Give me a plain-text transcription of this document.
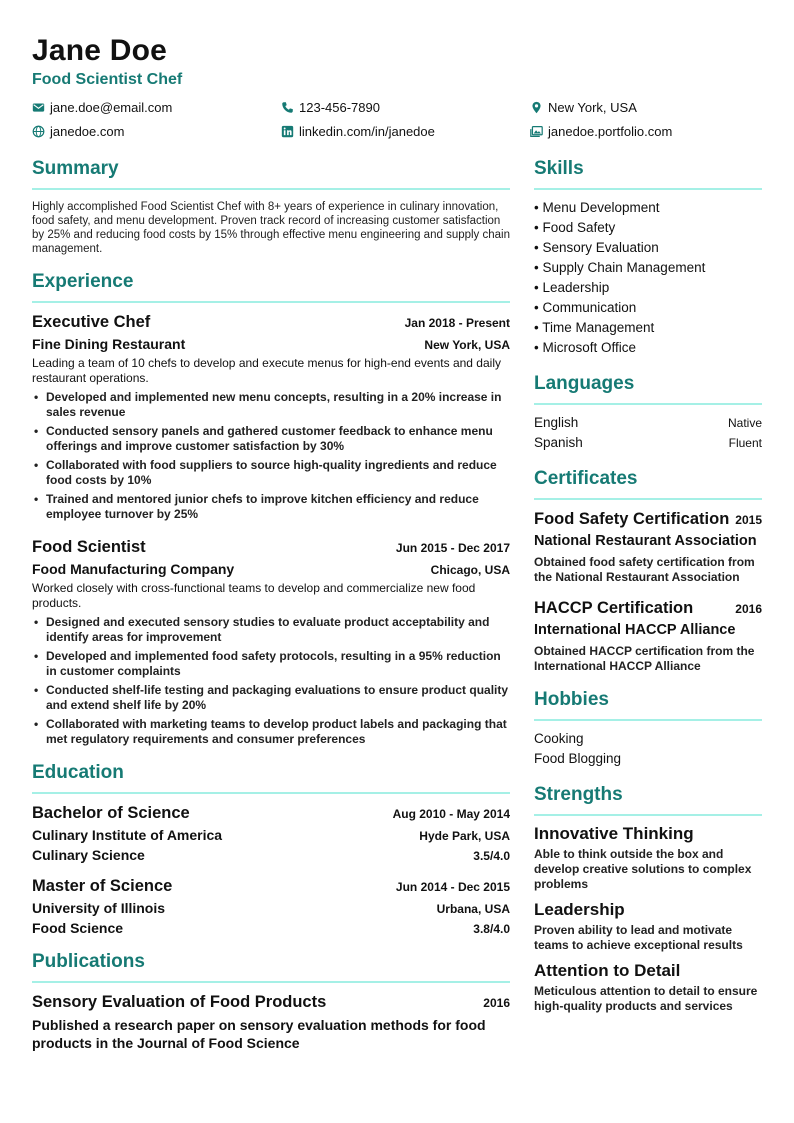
Jane Doe
Food Scientist Chef
jane.doe@email.com	123-456-7890	New York, USA
janedoe.com	linkedin.com/in/janedoe	janedoe.portfolio.com
Summary
Highly accomplished Food Scientist Chef with 8+ years of experience in culinary innovation, food safety, and menu development. Proven track record of increasing customer satisfaction by 25% and reducing food costs by 15% through effective menu engineering and supply chain management.
Experience
Executive Chef	Jan 2018 - Present
Fine Dining Restaurant	New York, USA
Leading a team of 10 chefs to develop and execute menus for high-end events and daily restaurant operations.
• Developed and implemented new menu concepts, resulting in a 20% increase in sales revenue
• Conducted sensory panels and gathered customer feedback to enhance menu offerings and improve customer satisfaction by 30%
• Collaborated with food suppliers to source high-quality ingredients and reduce food costs by 10%
• Trained and mentored junior chefs to improve kitchen efficiency and reduce employee turnover by 25%
Food Scientist	Jun 2015 - Dec 2017
Food Manufacturing Company	Chicago, USA
Worked closely with cross-functional teams to develop and commercialize new food products.
• Designed and executed sensory studies to evaluate product acceptability and identify areas for improvement
• Developed and implemented food safety protocols, resulting in a 95% reduction in customer complaints
• Conducted shelf-life testing and packaging evaluations to ensure product quality and extend shelf life by 20%
• Collaborated with marketing teams to develop product labels and packaging that met regulatory requirements and consumer preferences
Education
Bachelor of Science	Aug 2010 - May 2014
Culinary Institute of America	Hyde Park, USA
Culinary Science	3.5/4.0
Master of Science	Jun 2014 - Dec 2015
University of Illinois	Urbana, USA
Food Science	3.8/4.0
Publications
Sensory Evaluation of Food Products	2016
Published a research paper on sensory evaluation methods for food products in the Journal of Food Science
Skills
• Menu Development
• Food Safety
• Sensory Evaluation
• Supply Chain Management
• Leadership
• Communication
• Time Management
• Microsoft Office
Languages
English	Native
Spanish	Fluent
Certificates
Food Safety Certification 2015
National Restaurant Association
Obtained food safety certification from the National Restaurant Association
HACCP Certification	2016
International HACCP Alliance
Obtained HACCP certification from the International HACCP Alliance
Hobbies
Cooking
Food Blogging
Strengths
Innovative Thinking
Able to think outside the box and develop creative solutions to complex problems
Leadership
Proven ability to lead and motivate teams to achieve exceptional results
Attention to Detail
Meticulous attention to detail to ensure high-quality products and services
